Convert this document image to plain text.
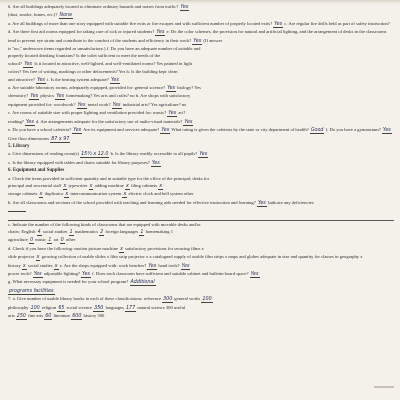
6. Are all buildings adequately located to eliminate ordinary hazards and noises from traffic? Yes

(dust, smoke, fumes, etc.)? None

a. Are all buildings of more than one story equipped with suitable fire exits or fire escapes and with sufficient number of properly located exits? Yes c. Are regular fire drills held as part of safety instruction?

d. Are there first aid rooms equipped for taking care of sick or injured students? Yes e. Do the color schemes, the provision for natural and artificial lighting, and the arrangement of desks in the classrooms tend to prevent eye strain and contribute to the comfort of the students and efficiency in their work? Yes (If answer

is "no," underscore items regarded as unsatisfactory.) f. Do you have an adequate number of suitable and

properly located drinking fountains? Is the toilet sufficient to meet the needs of the

school? Yes Is it located in attractive, well-lighted, and well-ventilated rooms? Yes painted in light

colors? Yes free of writing, markings or other defacements? Yes h. Is the building kept clean

and attractive? Yes i. Is the heating system adequate? Yes

a. Are suitable laboratory rooms, adequately equipped, provided for: general science? Yes biology? Yes

chemistry? Yes physics Yes homemaking? Yes arts and crafts? no b. Are shops with satisfactory

equipment provided for: woodwork? Yes metal work? Yes industrial arts? Yes agriculture? no

c. Are rooms of suitable size with proper lighting and ventilation provided for: music? Yes art?

reading? Yes d. Are arrangements adequate for the satisfactory use of audio-visual materials? Yes

e. Do you have a school cafeteria? Yes Are its equipment and services adequate? Yes What rating is given the cafeteria by the state or city department of health? Good f. Do you have a gymnasium? Yes

Give floor dimensions 87 x 97

5. Library

a. Give dimensions of reading room(s) 15½ x 12.0 b. Is the library readily accessible to all pupils? Yes

c. Is the library equipped with tables and chairs suitable for library purposes? Yes

6. Equipment and Supplies

a. Check the items provided in sufficient quantity and in suitable type for the office of the principal; desks for

principal and secretarial staff x typewriter x adding machine x filing cabinets x

storage cabinets x duplicator x intercommunication system x electric clock and bell system other

b. Are all classrooms and sections of the school provided with teaching and learning aids needed for effective instruction and learning? Yes Indicate any deficiencies

c. Indicate the number of the following kinds of classrooms that are equipped with movable desks and/or

chairs: English 4 social studies 1 mathematics 2 foreign languages 1 homemaking 1

agriculture 0 music 1 art 0 other

d. Check if you have the following: motion picture machine x satisfactory provisions for securing films x

slide projector x growing collection of usable slides x film strip projector x a catalogued supply of usable film strips x maps and globes adequate in size and quantity for classes in geography x

history x social studies x e. Are the shops equipped with: work benches? Yes hand tools? Yes

power tools? Yes adjustable lighting? Yes f. Does each classroom have sufficient and suitable cabinet and bulletin board space? Yes

g. What necessary equipment is needed for your school program? Additional

programs facilities

7. a. Give number of usable library books in each of these classifications: reference 300 general works 100

philosophy 100 religion 65 social science 350 languages 177 natural science 300 useful

arts 250 fine arts 60 literature 600 history 500
